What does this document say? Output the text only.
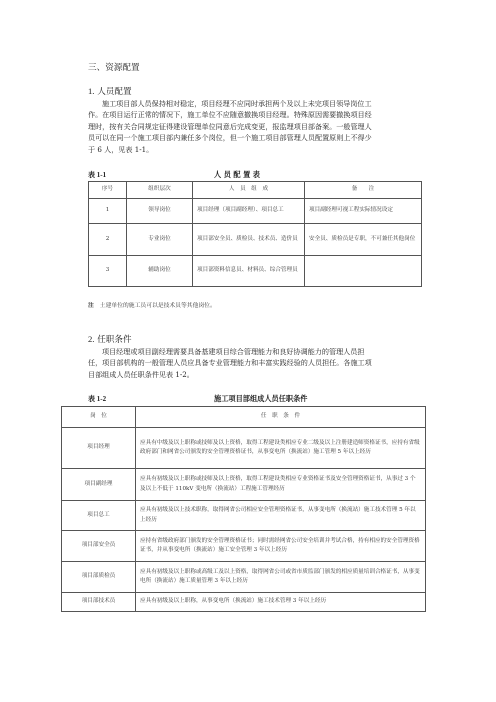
三、资源配置
1. 人员配置
施工项目部人员保持相对稳定，项目经理不应同时承担两个及以上未完项目领导岗位工
作。在项目运行正常的情况下，施工单位不应随意撤换项目经理。特殊原因需要撤换项目经
理时，按有关合同规定征得建设管理单位同意后完成变更，报监理项目部备案。一般管理人
员可以在同一个施工项目部内兼任多个岗位，但一个施工项目部管理人员配置原则上不得少
于 6 人，见表 1-1。
表 1-1	人 员 配 置 表
序号	组织层次	人　员　组　成	备　　注
1	领导岗位	项目经理（项目副经理）、项目总工	项目副经理可视工程实际情况设定
2	专业岗位	项目部安全员、质检员、技术员、造价员	安全员、质检员是专职，不可兼任其他岗位
3	辅助岗位	项目部资料信息员、材料员、综合管理员	
注 土建单位的施工员可以是技术员等其他岗位。
2. 任职条件
项目经理或项目副经理需要具备基建项目综合管理能力和良好协调能力的管理人员担
任，项目部机构的一般管理人员应具备专业管理能力和丰富实践经验的人员担任。各施工项
目部组成人员任职条件见表 1-2。
表 1-2	施工项目部组成人员任职条件
岗　位	任　职　条　件
项目经理	应具有中级及以上职称或技师及以上资格，取得工程建设类相应专业二级及以上注册建造师资格证书，应持有省级政府部门和网省公司颁发的安全管理资格证书，从事变电所（换流站）施工管理 5 年以上经历
项目副经理	应具有初级及以上职称或技师及以上资格，取得工程建设类相应专业资格证书及安全管理资格证书，从事过 3 个及以上不低于 110kV 变电所（换流站）工程施工管理经历
项目总工	应具有初级及以上技术职称，取得网省公司相应安全管理资格证书，从事变电所（换流站）施工技术管理 5 年以上经历
项目部安全员	应持有省级政府部门颁发的安全管理资格证书；同时需经网省公司安全培训并考试合格，持有相应的安全管理资格证书，并从事变电所（换流站）施工安全管理 3 年以上经历
项目部质检员	应具有初级及以上职称或高级工及以上资格，取得网省公司或省市质监部门颁发的相应质量培训合格证书，从事变电所（换流站）施工质量管理 3 年以上经历
项目部技术员	应具有初级及以上职称，从事变电所（换流站）施工技术管理 3 年以上经历
